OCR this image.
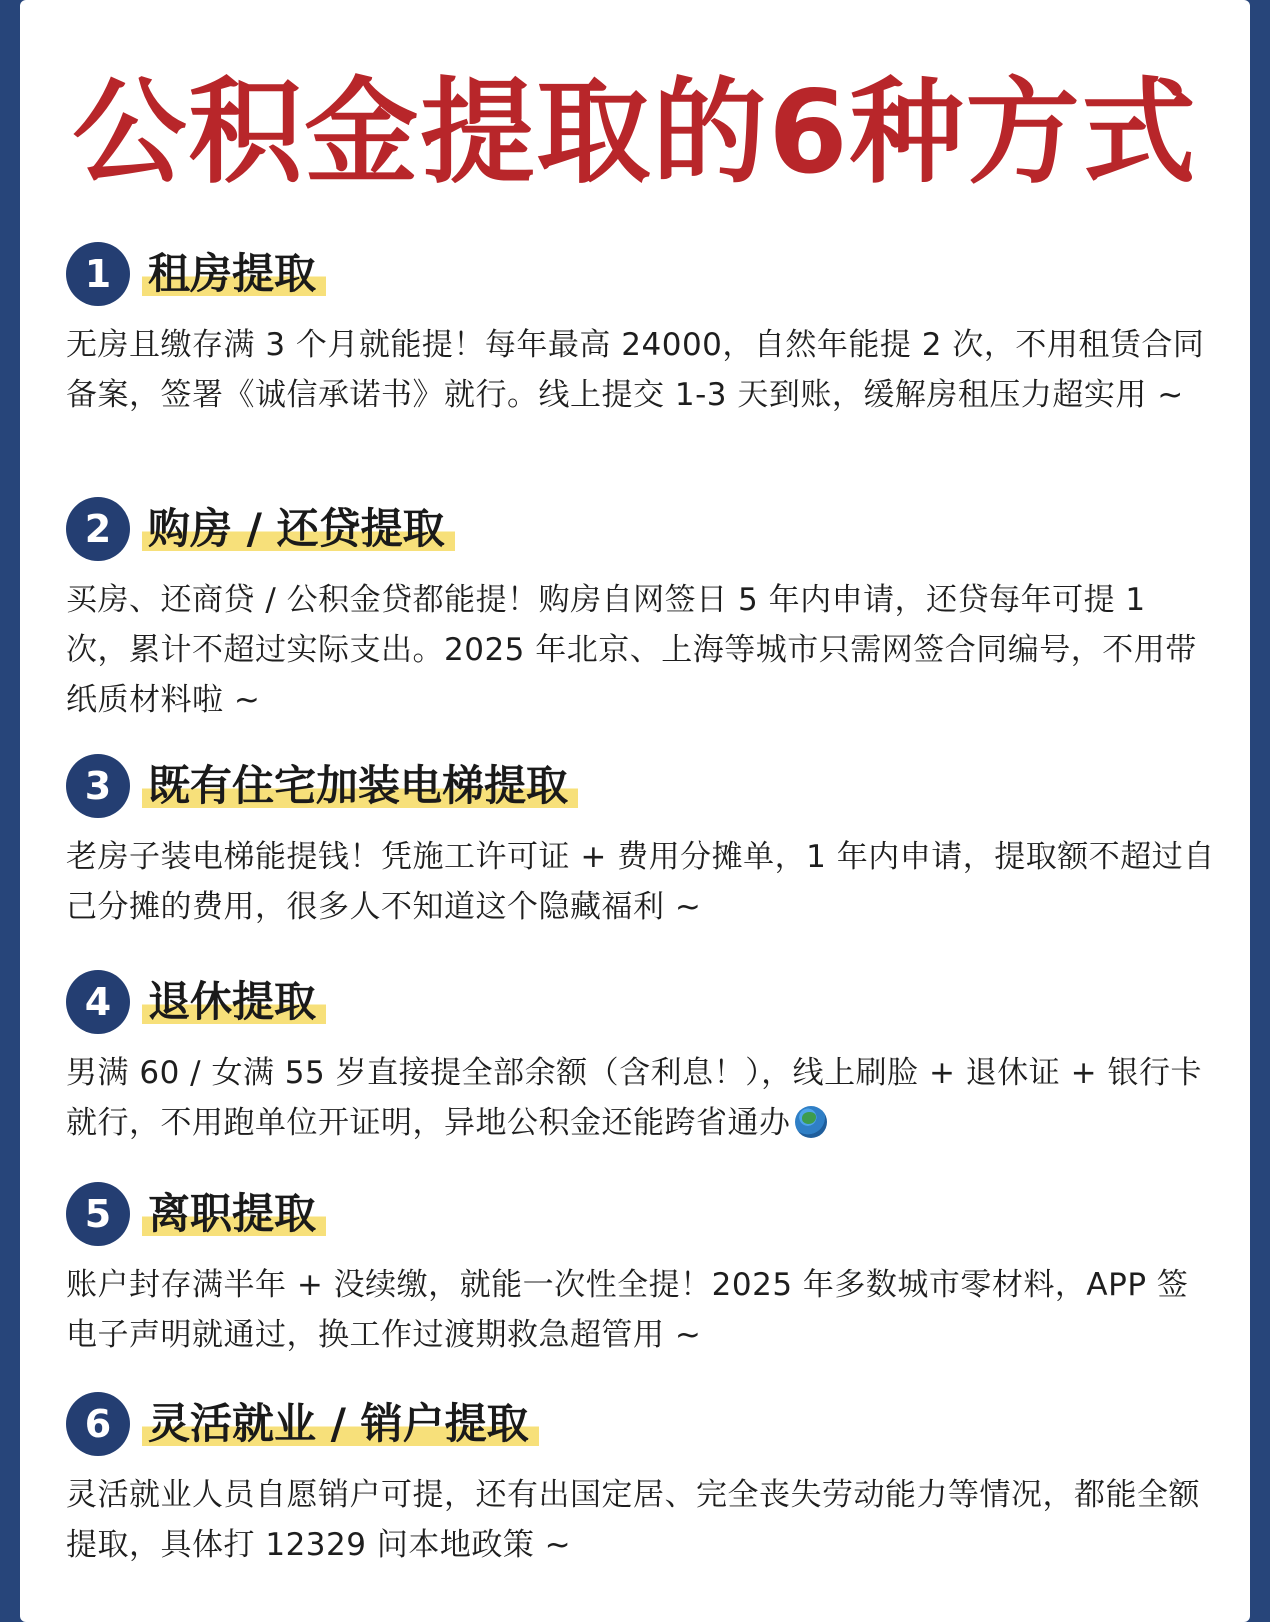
公积金提取的6种方式
1 租房提取
无房且缴存满 3 个月就能提！每年最高 24000，自然年能提 2 次，不用租赁合同备案，签署《诚信承诺书》就行。线上提交 1-3 天到账，缓解房租压力超实用 ~
2 购房 / 还贷提取
买房、还商贷 / 公积金贷都能提！购房自网签日 5 年内申请，还贷每年可提 1 次，累计不超过实际支出。2025 年北京、上海等城市只需网签合同编号，不用带纸质材料啦 ~
3 既有住宅加装电梯提取
老房子装电梯能提钱！凭施工许可证 + 费用分摊单，1 年内申请，提取额不超过自己分摊的费用，很多人不知道这个隐藏福利 ~
4 退休提取
男满 60 / 女满 55 岁直接提全部余额（含利息！），线上刷脸 + 退休证 + 银行卡就行，不用跑单位开证明，异地公积金还能跨省通办
5 离职提取
账户封存满半年 + 没续缴，就能一次性全提！2025 年多数城市零材料，APP 签电子声明就通过，换工作过渡期救急超管用 ~
6 灵活就业 / 销户提取
灵活就业人员自愿销户可提，还有出国定居、完全丧失劳动能力等情况，都能全额提取，具体打 12329 问本地政策 ~
